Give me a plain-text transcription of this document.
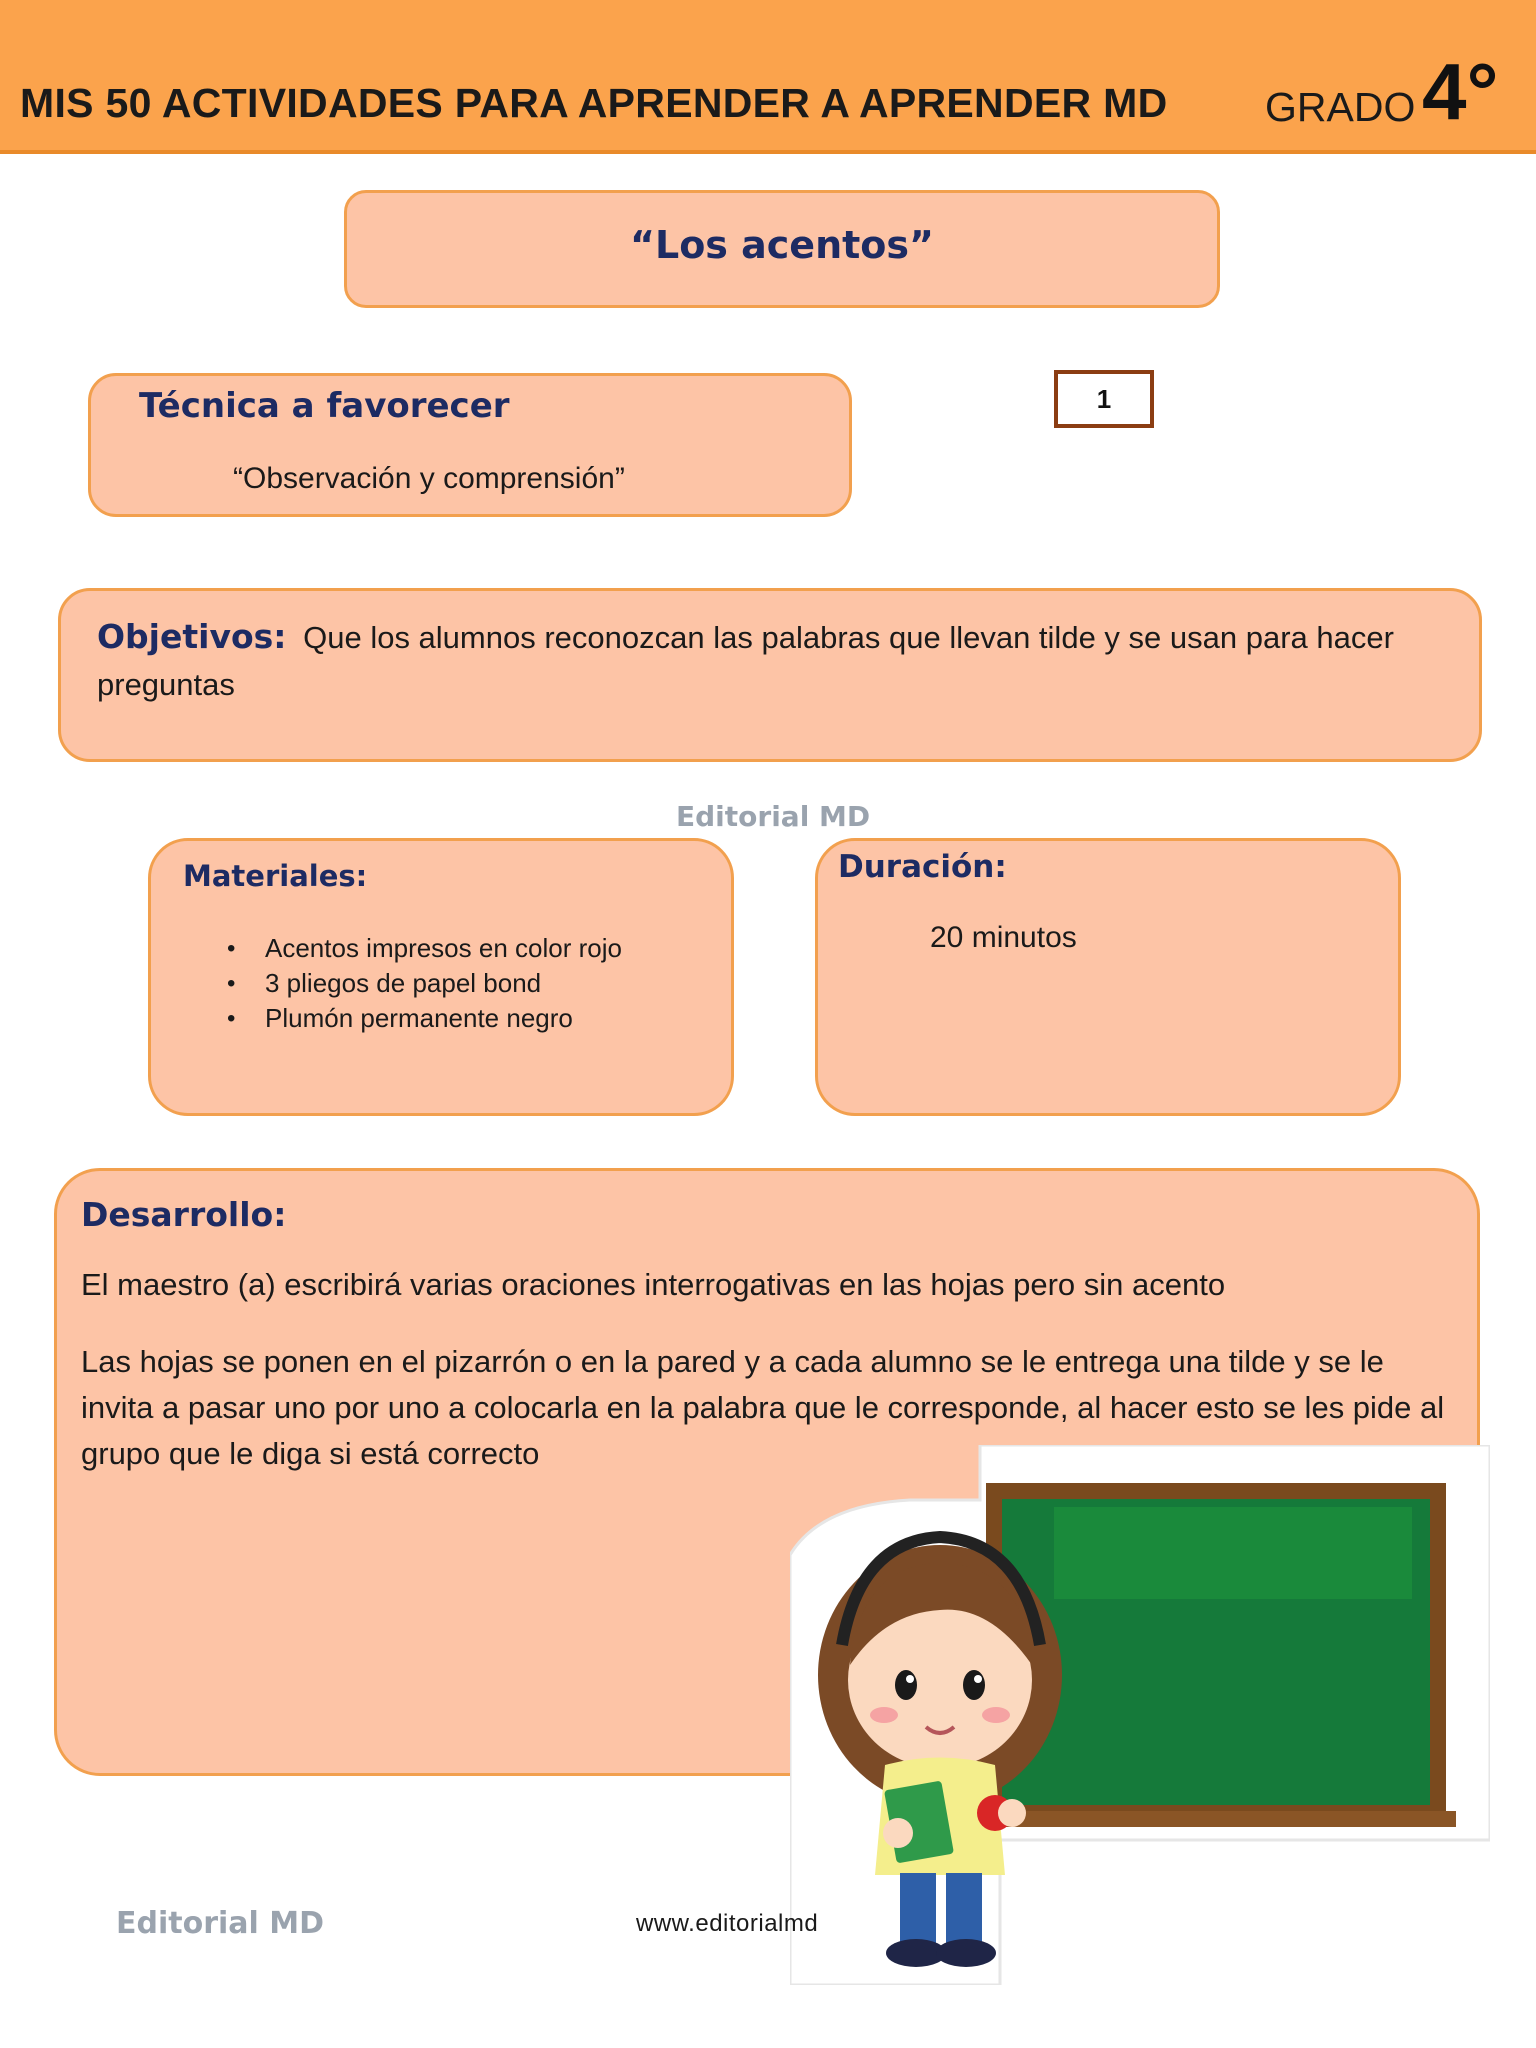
MIS 50 ACTIVIDADES PARA APRENDER A APRENDER MD GRADO 4°
“Los acentos”
Técnica a favorecer
“Observación y comprensión”
1
Objetivos: Que los alumnos reconozcan las palabras que llevan tilde y se usan para hacer preguntas
Editorial MD
Materiales:
• Acentos impresos en color rojo
• 3 pliegos de papel bond
• Plumón permanente negro
Duración:
20 minutos
Desarrollo:
El maestro (a) escribirá varias oraciones interrogativas en las hojas pero sin acento
Las hojas se ponen en el pizarrón o en la pared y a cada alumno se le entrega una tilde y se le invita a pasar uno por uno a colocarla en la palabra que le corresponde, al hacer esto se les pide al grupo que le diga si está correcto
Editorial MD	www.editorialmd
